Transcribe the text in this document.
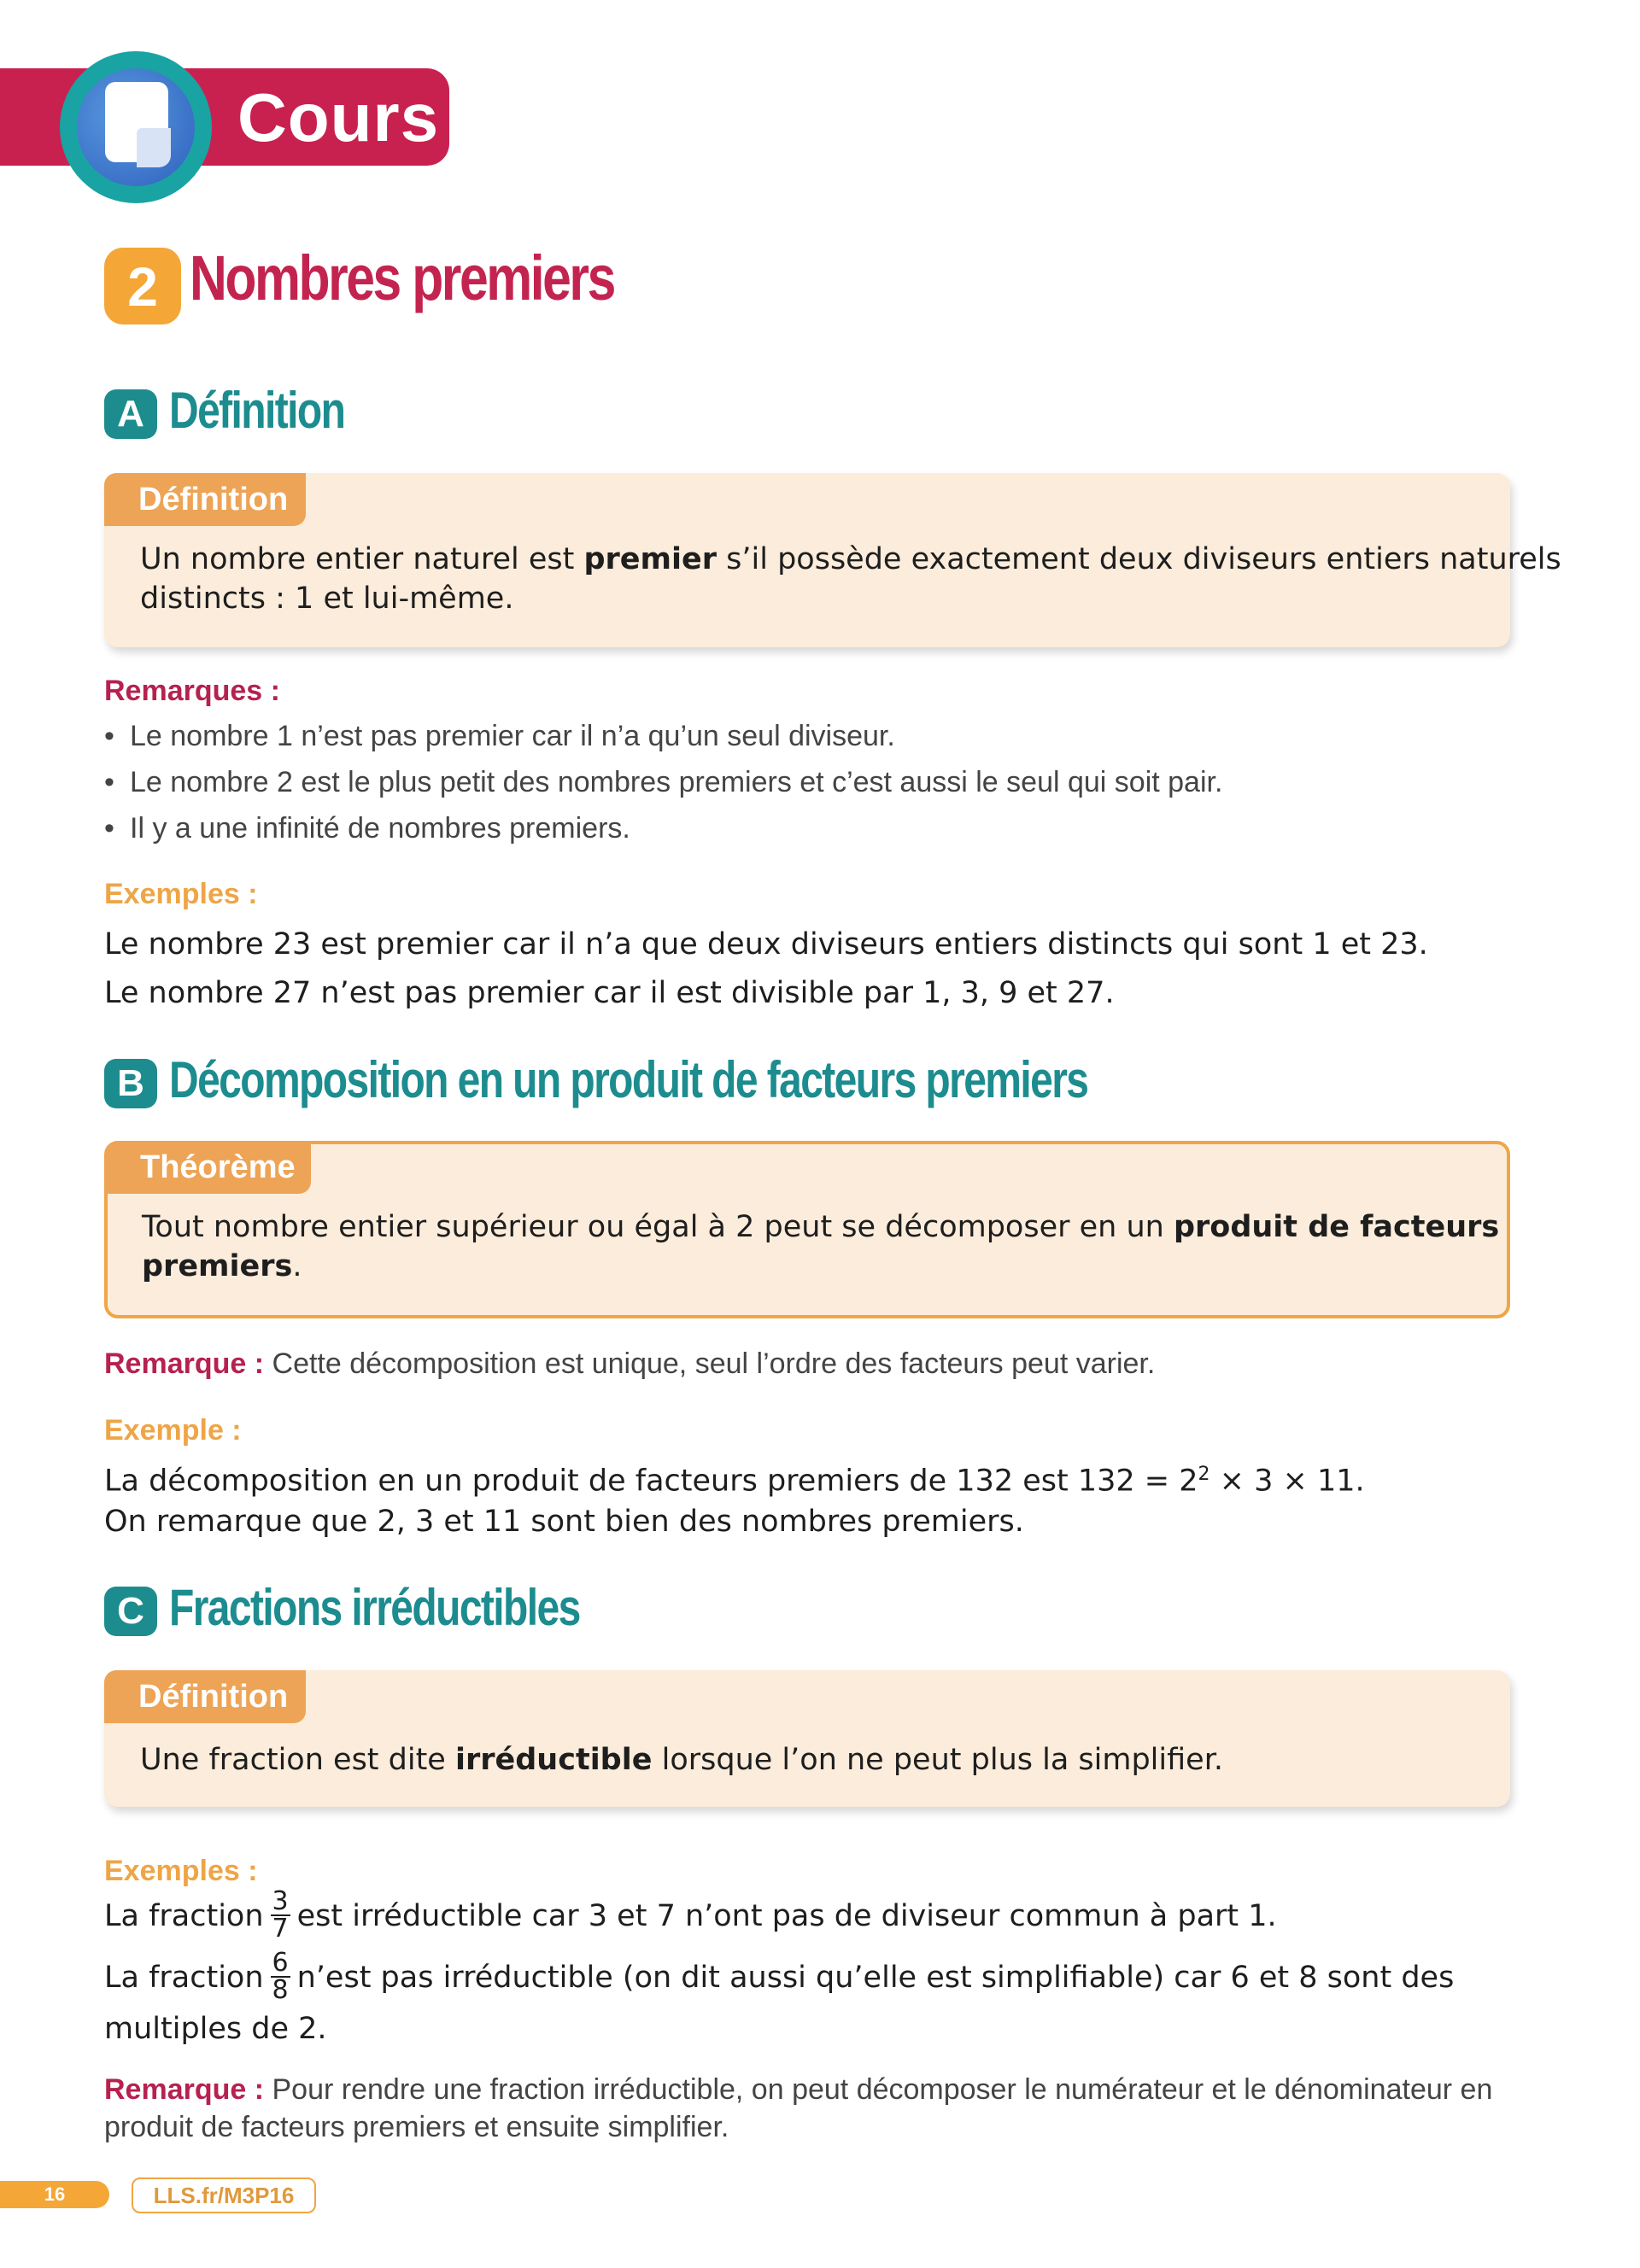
Cours
2 Nombres premiers
A Définition
Définition
Un nombre entier naturel est premier s’il possède exactement deux diviseurs entiers naturels
distincts : 1 et lui-même.
Remarques :
• Le nombre 1 n’est pas premier car il n’a qu’un seul diviseur.
• Le nombre 2 est le plus petit des nombres premiers et c’est aussi le seul qui soit pair.
• Il y a une infinité de nombres premiers.
Exemples :
Le nombre 23 est premier car il n’a que deux diviseurs entiers distincts qui sont 1 et 23.
Le nombre 27 n’est pas premier car il est divisible par 1, 3, 9 et 27.
B Décomposition en un produit de facteurs premiers
Théorème
Tout nombre entier supérieur ou égal à 2 peut se décomposer en un produit de facteurs
premiers.
Remarque : Cette décomposition est unique, seul l’ordre des facteurs peut varier.
Exemple :
La décomposition en un produit de facteurs premiers de 132 est $132 = 2^2 \times 3 \times 11$.
On remarque que 2, 3 et 11 sont bien des nombres premiers.
C Fractions irréductibles
Définition
Une fraction est dite irréductible lorsque l’on ne peut plus la simplifier.
Exemples :
La fraction $\frac{3}{7}$ est irréductible car 3 et 7 n’ont pas de diviseur commun à part 1.
La fraction $\frac{6}{8}$ n’est pas irréductible (on dit aussi qu’elle est simplifiable) car 6 et 8 sont des
multiples de 2.
Remarque : Pour rendre une fraction irréductible, on peut décomposer le numérateur et le dénominateur en
produit de facteurs premiers et ensuite simplifier.
16	LLS.fr/M3P16
